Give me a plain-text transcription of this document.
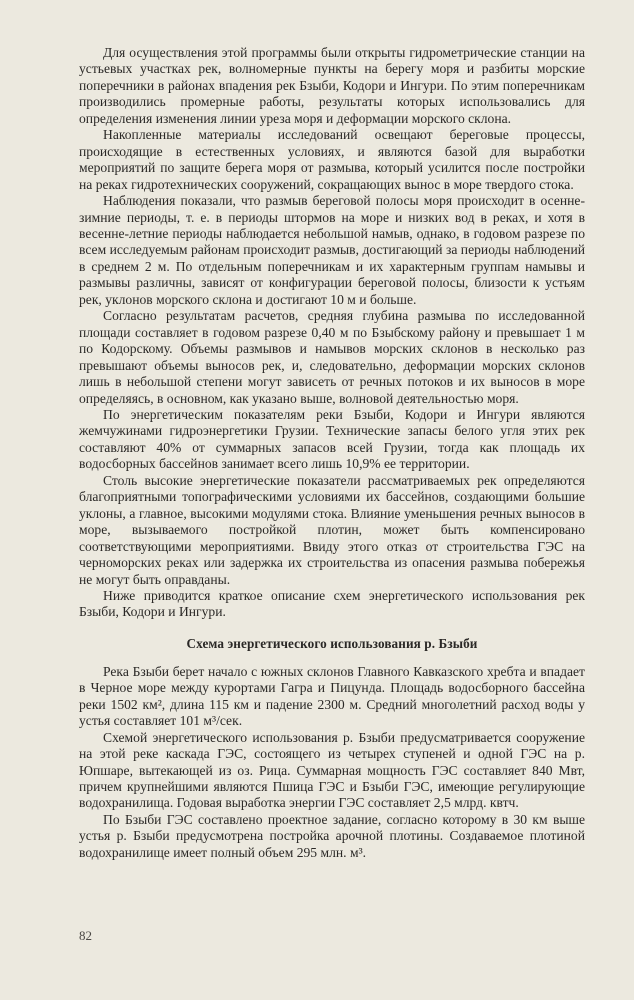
Для осуществления этой программы были открыты гидрометрические станции на устьевых участках рек, волномерные пункты на берегу моря и разбиты морские поперечники в районах впадения рек Бзыби, Кодори и Ингури. По этим поперечникам производились промерные работы, результаты которых использовались для определения изменения линии уреза моря и деформации морского склона.

Накопленные материалы исследований освещают береговые процессы, происходящие в естественных условиях, и являются базой для выработки мероприятий по защите берега моря от размыва, который усилится после постройки на реках гидротехнических сооружений, сокращающих вынос в море твердого стока.

Наблюдения показали, что размыв береговой полосы моря происходит в осенне-зимние периоды, т. е. в периоды штормов на море и низких вод в реках, и хотя в весенне-летние периоды наблюдается небольшой намыв, однако, в годовом разрезе по всем исследуемым районам происходит размыв, достигающий за периоды наблюдений в среднем 2 м. По отдельным поперечникам и их характерным группам намывы и размывы различны, зависят от конфигурации береговой полосы, близости к устьям рек, уклонов морского склона и достигают 10 м и больше.

Согласно результатам расчетов, средняя глубина размыва по исследованной площади составляет в годовом разрезе 0,40 м по Бзыбскому району и превышает 1 м по Кодорскому. Объемы размывов и намывов морских склонов в несколько раз превышают объемы выносов рек, и, следовательно, деформации морских склонов лишь в небольшой степени могут зависеть от речных потоков и их выносов в море определяясь, в основном, как указано выше, волновой деятельностью моря.

По энергетическим показателям реки Бзыби, Кодори и Ингури являются жемчужинами гидроэнергетики Грузии. Технические запасы белого угля этих рек составляют 40% от суммарных запасов всей Грузии, тогда как площадь их водосборных бассейнов занимает всего лишь 10,9% ее территории.

Столь высокие энергетические показатели рассматриваемых рек определяются благоприятными топографическими условиями их бассейнов, создающими большие уклоны, а главное, высокими модулями стока. Влияние уменьшения речных выносов в море, вызываемого постройкой плотин, может быть компенсировано соответствующими мероприятиями. Ввиду этого отказ от строительства ГЭС на черноморских реках или задержка их строительства из опасения размыва побережья не могут быть оправданы.

Ниже приводится краткое описание схем энергетического использования рек Бзыби, Кодори и Ингури.

Схема энергетического использования р. Бзыби

Река Бзыби берет начало с южных склонов Главного Кавказского хребта и впадает в Черное море между курортами Гагра и Пицунда. Площадь водосборного бассейна реки 1502 км², длина 115 км и падение 2300 м. Средний многолетний расход воды у устья составляет 101 м³/сек.

Схемой энергетического использования р. Бзыби предусматривается сооружение на этой реке каскада ГЭС, состоящего из четырех ступеней и одной ГЭС на р. Юпшаре, вытекающей из оз. Рица. Суммарная мощность ГЭС составляет 840 Мвт, причем крупнейшими являются Пшица ГЭС и Бзыби ГЭС, имеющие регулирующие водохранилища. Годовая выработка энергии ГЭС составляет 2,5 млрд. квтч.

По Бзыби ГЭС составлено проектное задание, согласно которому в 30 км выше устья р. Бзыби предусмотрена постройка арочной плотины. Создаваемое плотиной водохранилище имеет полный объем 295 млн. м³.

82
